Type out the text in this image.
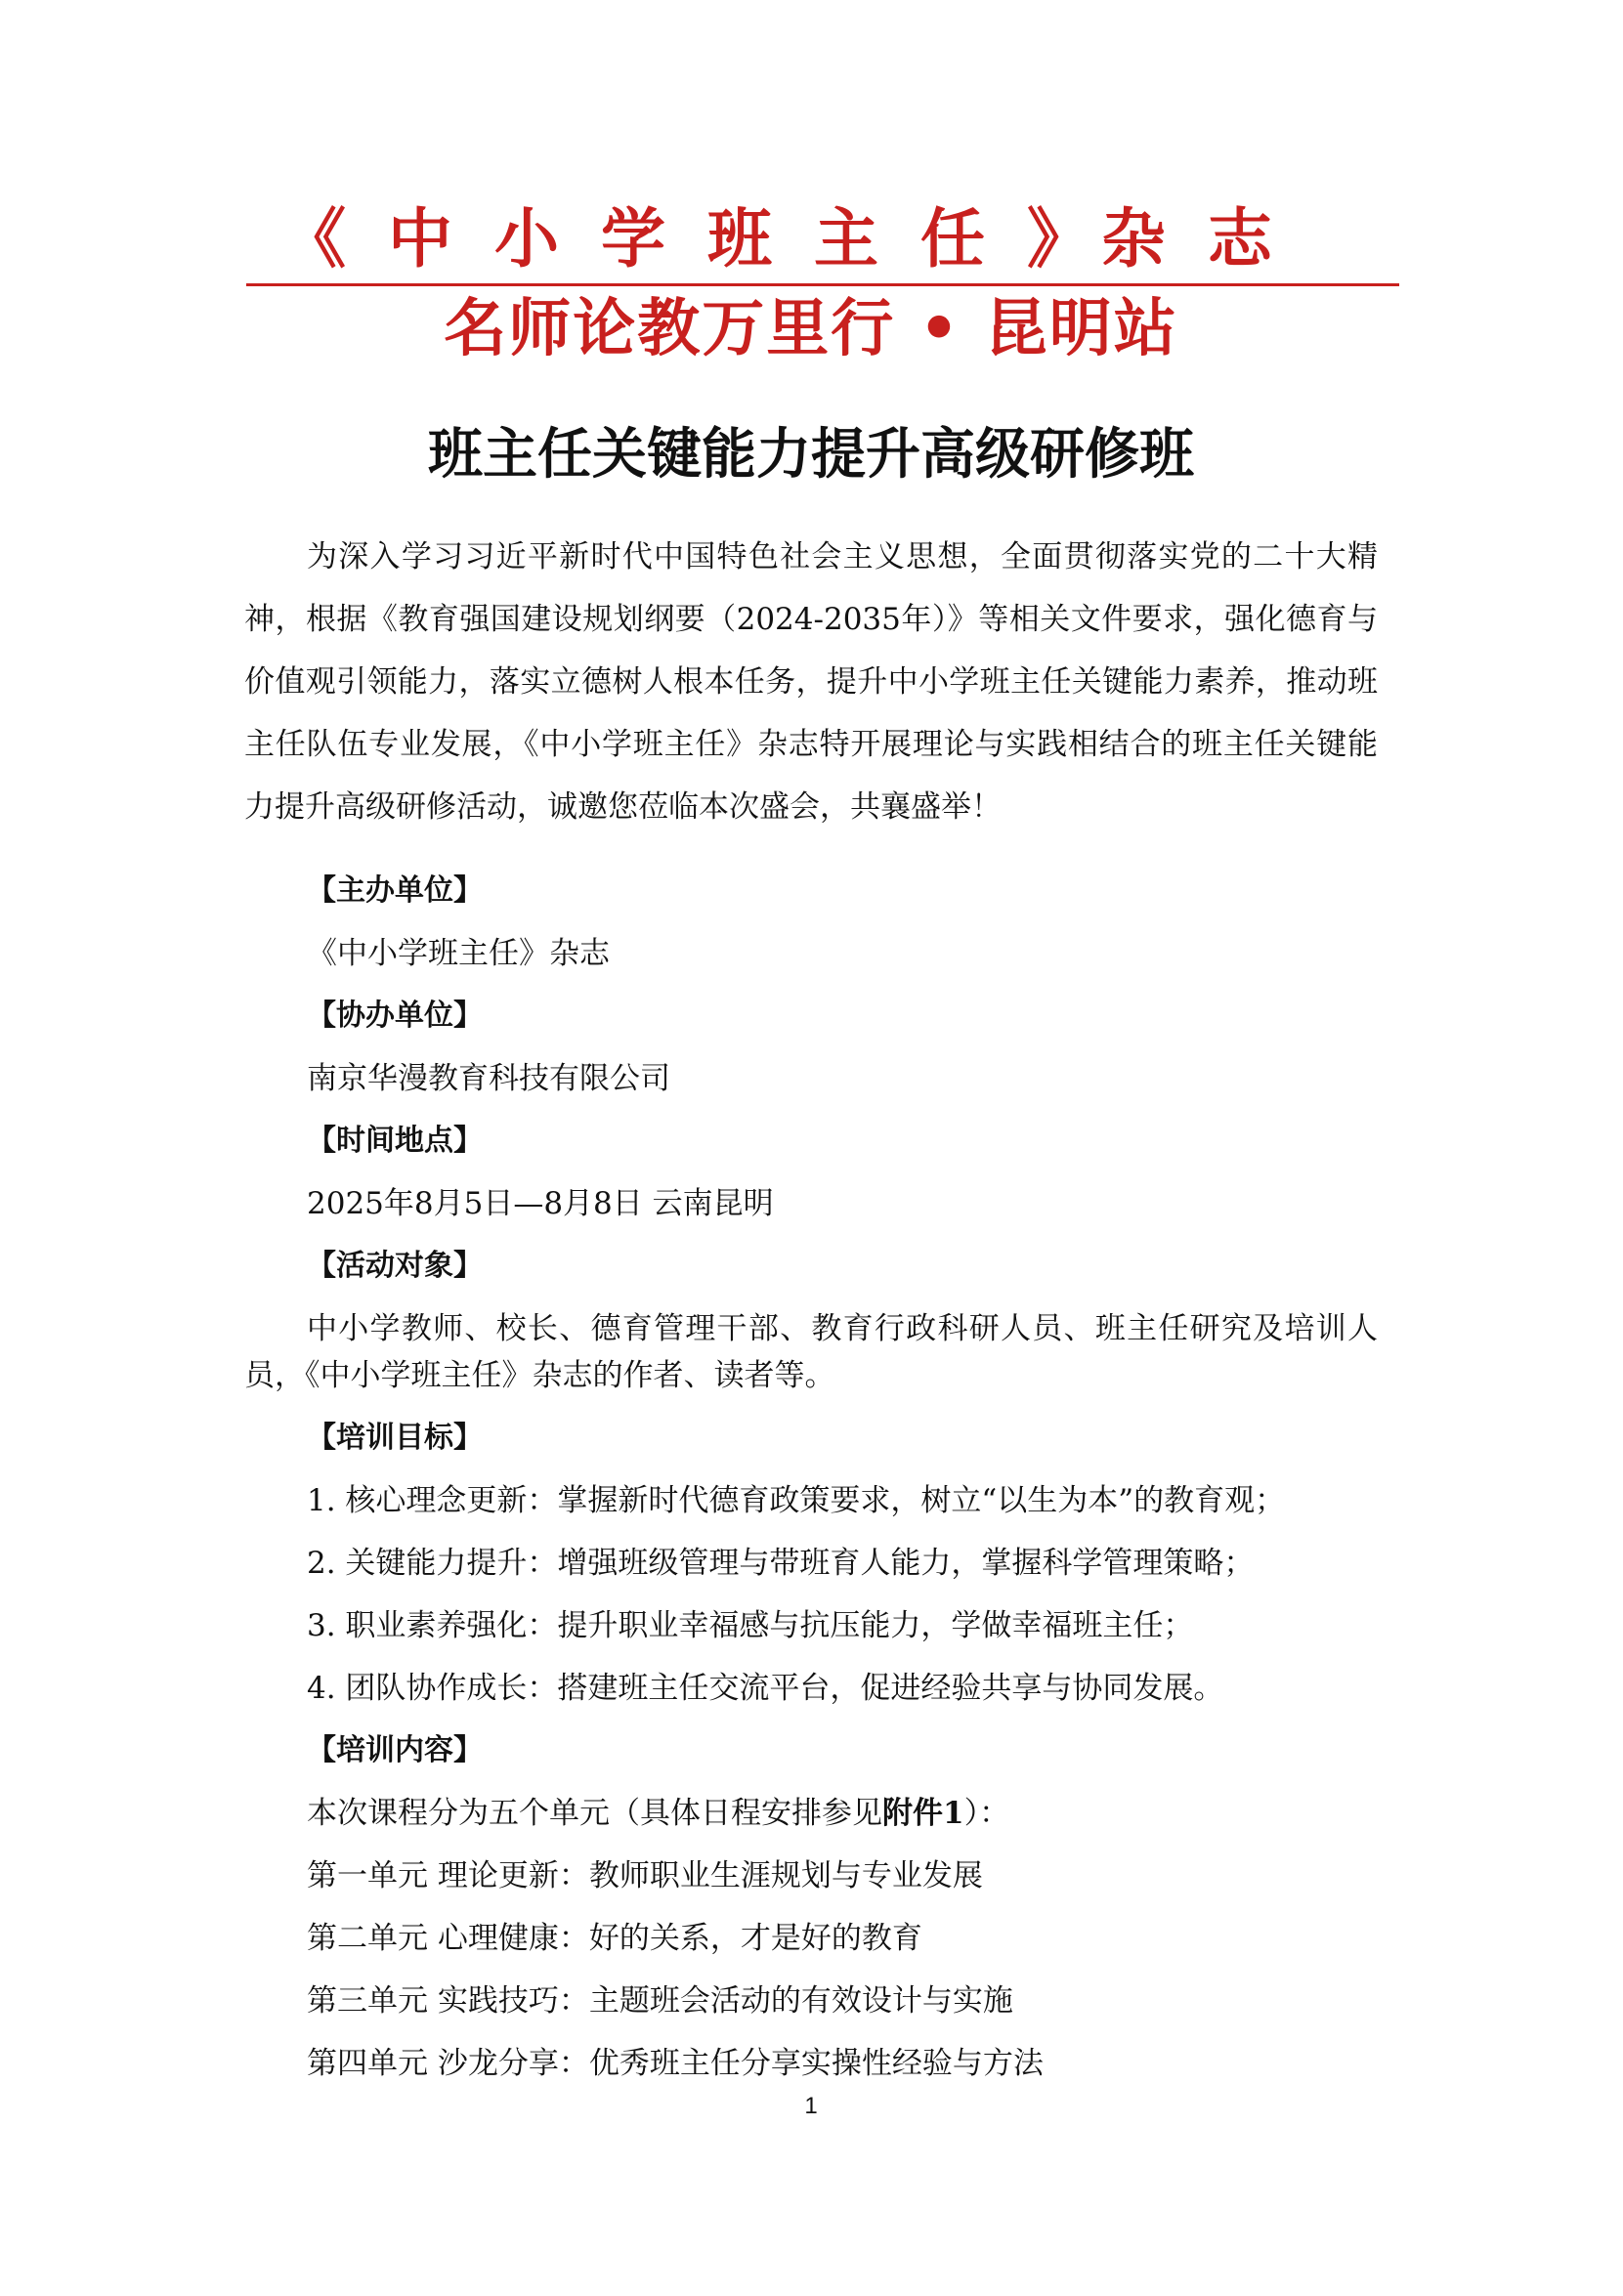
《 中 小 学 班 主 任 》杂 志
名师论教万里行 • 昆明站
班主任关键能力提升高级研修班
为深入学习习近平新时代中国特色社会主义思想，全面贯彻落实党的二十大精神，根据《教育强国建设规划纲要（2024-2035年）》等相关文件要求，强化德育与价值观引领能力，落实立德树人根本任务，提升中小学班主任关键能力素养，推动班主任队伍专业发展，《中小学班主任》杂志特开展理论与实践相结合的班主任关键能力提升高级研修活动，诚邀您莅临本次盛会，共襄盛举！
【主办单位】
《中小学班主任》杂志
【协办单位】
南京华漫教育科技有限公司
【时间地点】
2025年8月5日—8月8日 云南昆明
【活动对象】
中小学教师、校长、德育管理干部、教育行政科研人员、班主任研究及培训人员，《中小学班主任》杂志的作者、读者等。
【培训目标】
1. 核心理念更新：掌握新时代德育政策要求，树立“以生为本”的教育观；
2. 关键能力提升：增强班级管理与带班育人能力，掌握科学管理策略；
3. 职业素养强化：提升职业幸福感与抗压能力，学做幸福班主任；
4. 团队协作成长：搭建班主任交流平台，促进经验共享与协同发展。
【培训内容】
本次课程分为五个单元（具体日程安排参见附件1）：
第一单元 理论更新：教师职业生涯规划与专业发展
第二单元 心理健康：好的关系，才是好的教育
第三单元 实践技巧：主题班会活动的有效设计与实施
第四单元 沙龙分享：优秀班主任分享实操性经验与方法
1
